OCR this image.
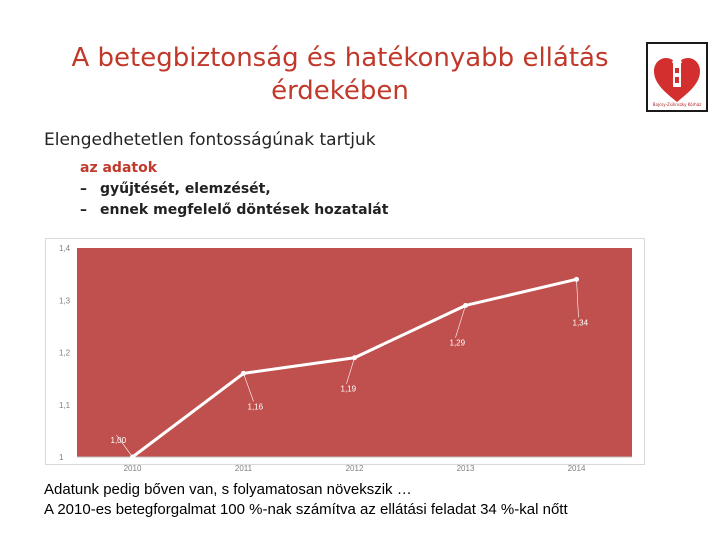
A betegbiztonság és hatékonyabb ellátás
érdekében	Bajcsy-Zsilinszky Kórház
Elengedhetetlen fontosságúnak tartjuk
az adatok
– gyűjtését, elemzését,
– ennek megfelelő döntések hozatalát
1
1,1
1,2
1,3
1,4
2010	2011	2012	2013	2014
1,00
1,16
1,19
1,29
1,34
Adatunk pedig bőven van, s folyamatosan növekszik …
A 2010-es betegforgalmat 100 %-nak számítva az ellátási feladat 34 %-kal nőtt
